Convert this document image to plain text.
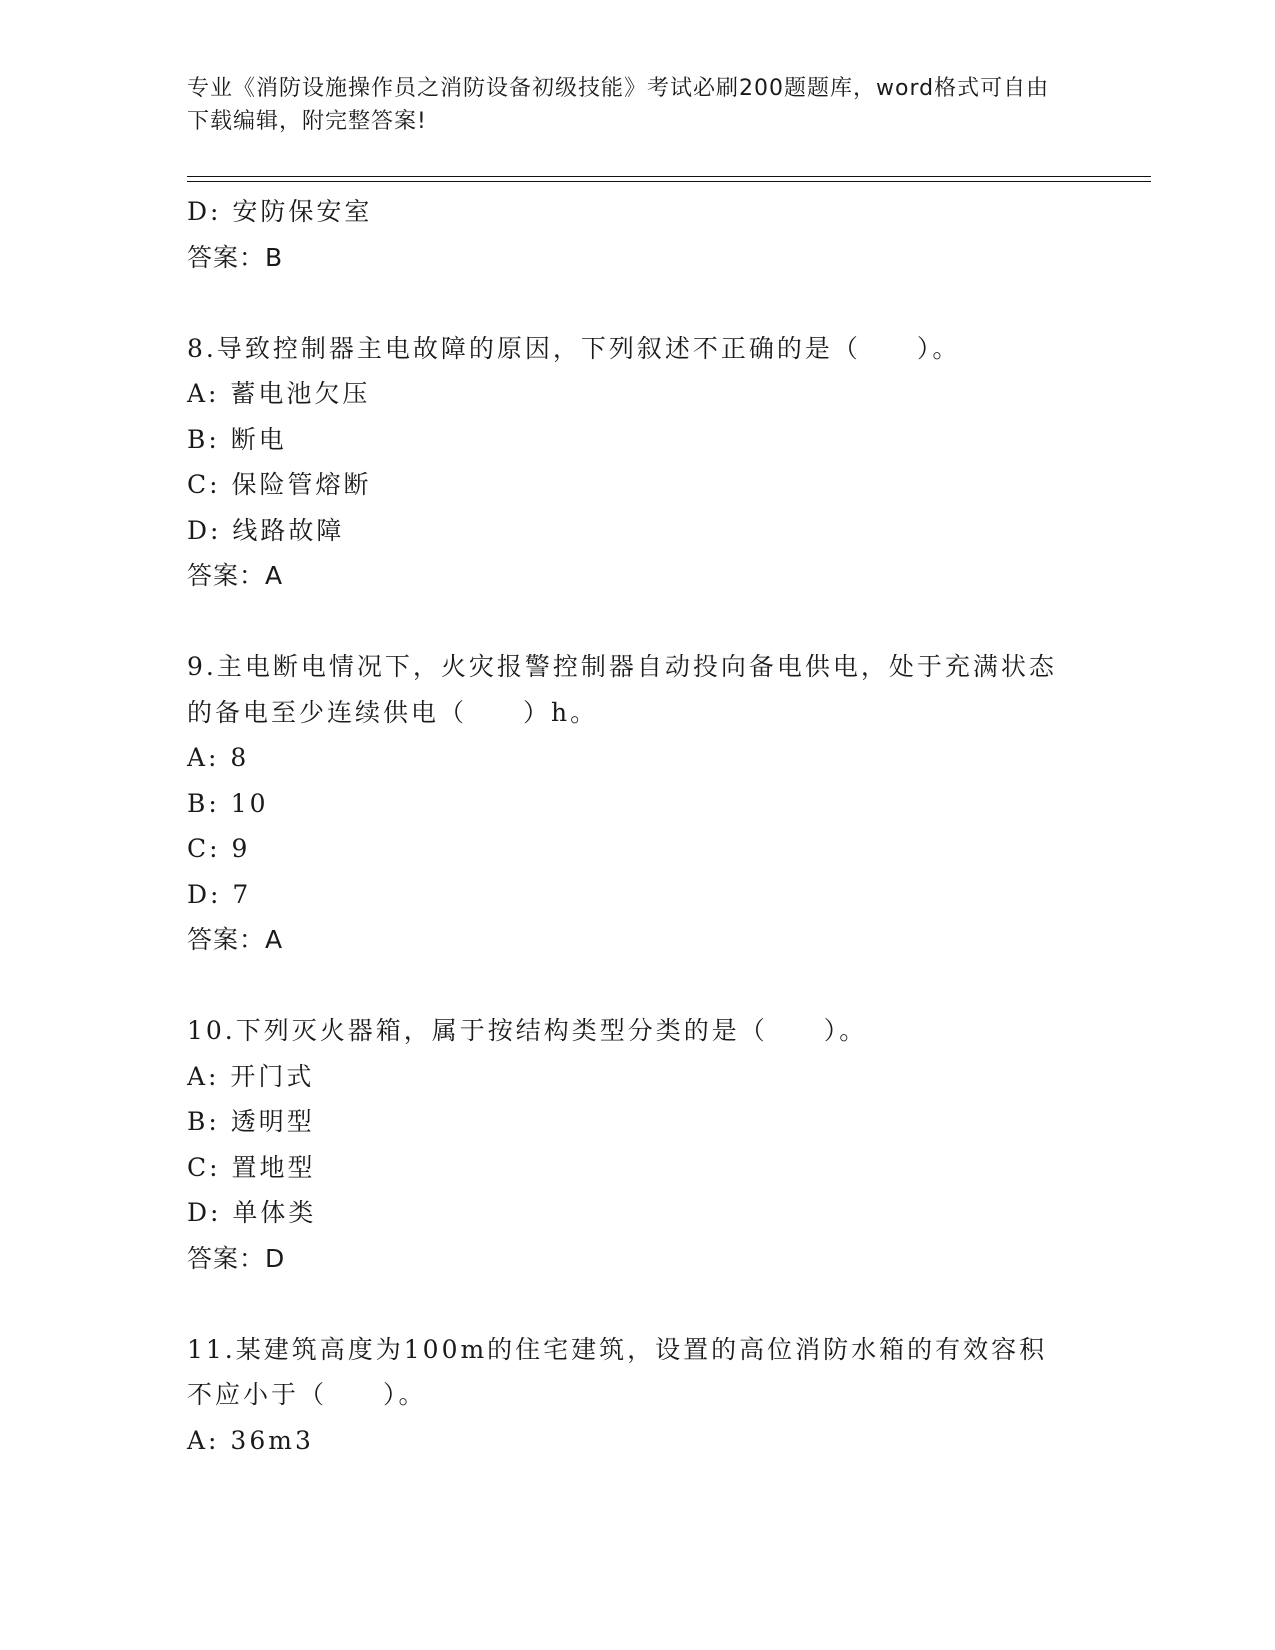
专业《消防设施操作员之消防设备初级技能》考试必刷200题题库，word格式可自由下载编辑，附完整答案!
D: 安防保安室
答案：B
8.导致控制器主电故障的原因，下列叙述不正确的是（　　）。
A: 蓄电池欠压
B: 断电
C: 保险管熔断
D: 线路故障
答案：A
9.主电断电情况下，火灾报警控制器自动投向备电供电，处于充满状态的备电至少连续供电（　　）h。
A: 8
B: 10
C: 9
D: 7
答案：A
10.下列灭火器箱，属于按结构类型分类的是（　　）。
A: 开门式
B: 透明型
C: 置地型
D: 单体类
答案：D
11.某建筑高度为100m的住宅建筑，设置的高位消防水箱的有效容积不应小于（　　）。
A: 36m3
